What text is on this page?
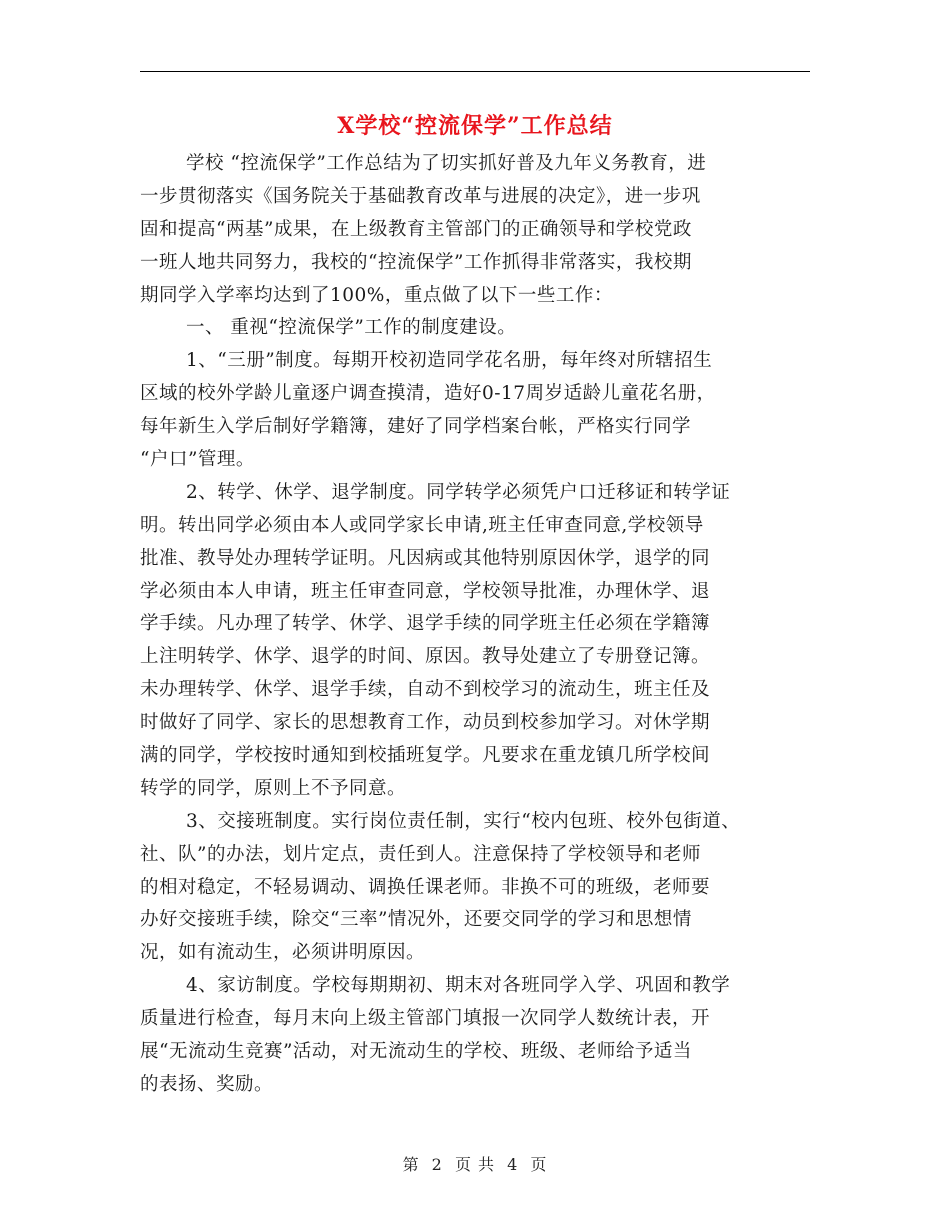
X学校“控流保学”工作总结
学校 “控流保学”工作总结为了切实抓好普及九年义务教育，进
一步贯彻落实《国务院关于基础教育改革与进展的决定》，进一步巩
固和提高“两基”成果，在上级教育主管部门的正确领导和学校党政
一班人地共同努力，我校的“控流保学”工作抓得非常落实，我校期
期同学入学率均达到了100%，重点做了以下一些工作：
一、 重视“控流保学”工作的制度建设。
1、“三册”制度。每期开校初造同学花名册，每年终对所辖招生
区域的校外学龄儿童逐户调查摸清，造好0-17周岁适龄儿童花名册，
每年新生入学后制好学籍簿，建好了同学档案台帐，严格实行同学
“户口”管理。
2、转学、休学、退学制度。同学转学必须凭户口迁移证和转学证
明。转出同学必须由本人或同学家长申请,班主任审查同意,学校领导
批准、教导处办理转学证明。凡因病或其他特别原因休学，退学的同
学必须由本人申请，班主任审查同意，学校领导批准，办理休学、退
学手续。凡办理了转学、休学、退学手续的同学班主任必须在学籍簿
上注明转学、休学、退学的时间、原因。教导处建立了专册登记簿。
未办理转学、休学、退学手续，自动不到校学习的流动生，班主任及
时做好了同学、家长的思想教育工作，动员到校参加学习。对休学期
满的同学，学校按时通知到校插班复学。凡要求在重龙镇几所学校间
转学的同学，原则上不予同意。
3、交接班制度。实行岗位责任制，实行“校内包班、校外包街道、
社、队”的办法，划片定点，责任到人。注意保持了学校领导和老师
的相对稳定，不轻易调动、调换任课老师。非换不可的班级，老师要
办好交接班手续，除交“三率”情况外，还要交同学的学习和思想情
况，如有流动生，必须讲明原因。
4、家访制度。学校每期期初、期末对各班同学入学、巩固和教学
质量进行检查，每月末向上级主管部门填报一次同学人数统计表，开
展“无流动生竞赛”活动，对无流动生的学校、班级、老师给予适当
的表扬、奖励。
第 2 页 共 4 页
